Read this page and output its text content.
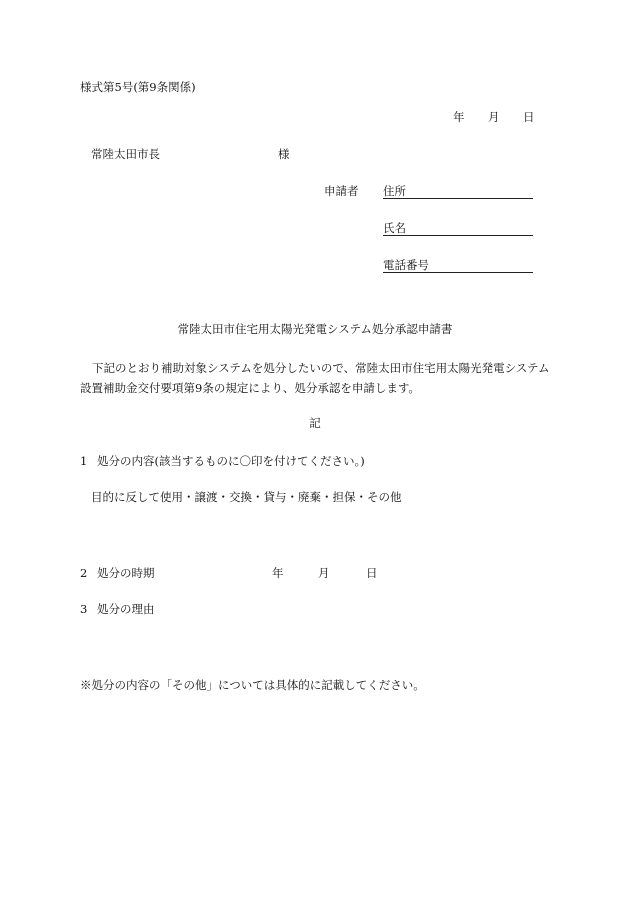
様式第5号(第9条関係)
年 月 日
常陸太田市長	様
申請者 住所
氏名
電話番号
常陸太田市住宅用太陽光発電システム処分承認申請書
下記のとおり補助対象システムを処分したいので、常陸太田市住宅用太陽光発電システム設置補助金交付要項第9条の規定により、処分承認を申請します。
記
1 処分の内容(該当するものに〇印を付けてください。)
目的に反して使用・譲渡・交換・貸与・廃棄・担保・その他
2 処分の時期	年	月	日
3 処分の理由
※処分の内容の「その他」については具体的に記載してください。
